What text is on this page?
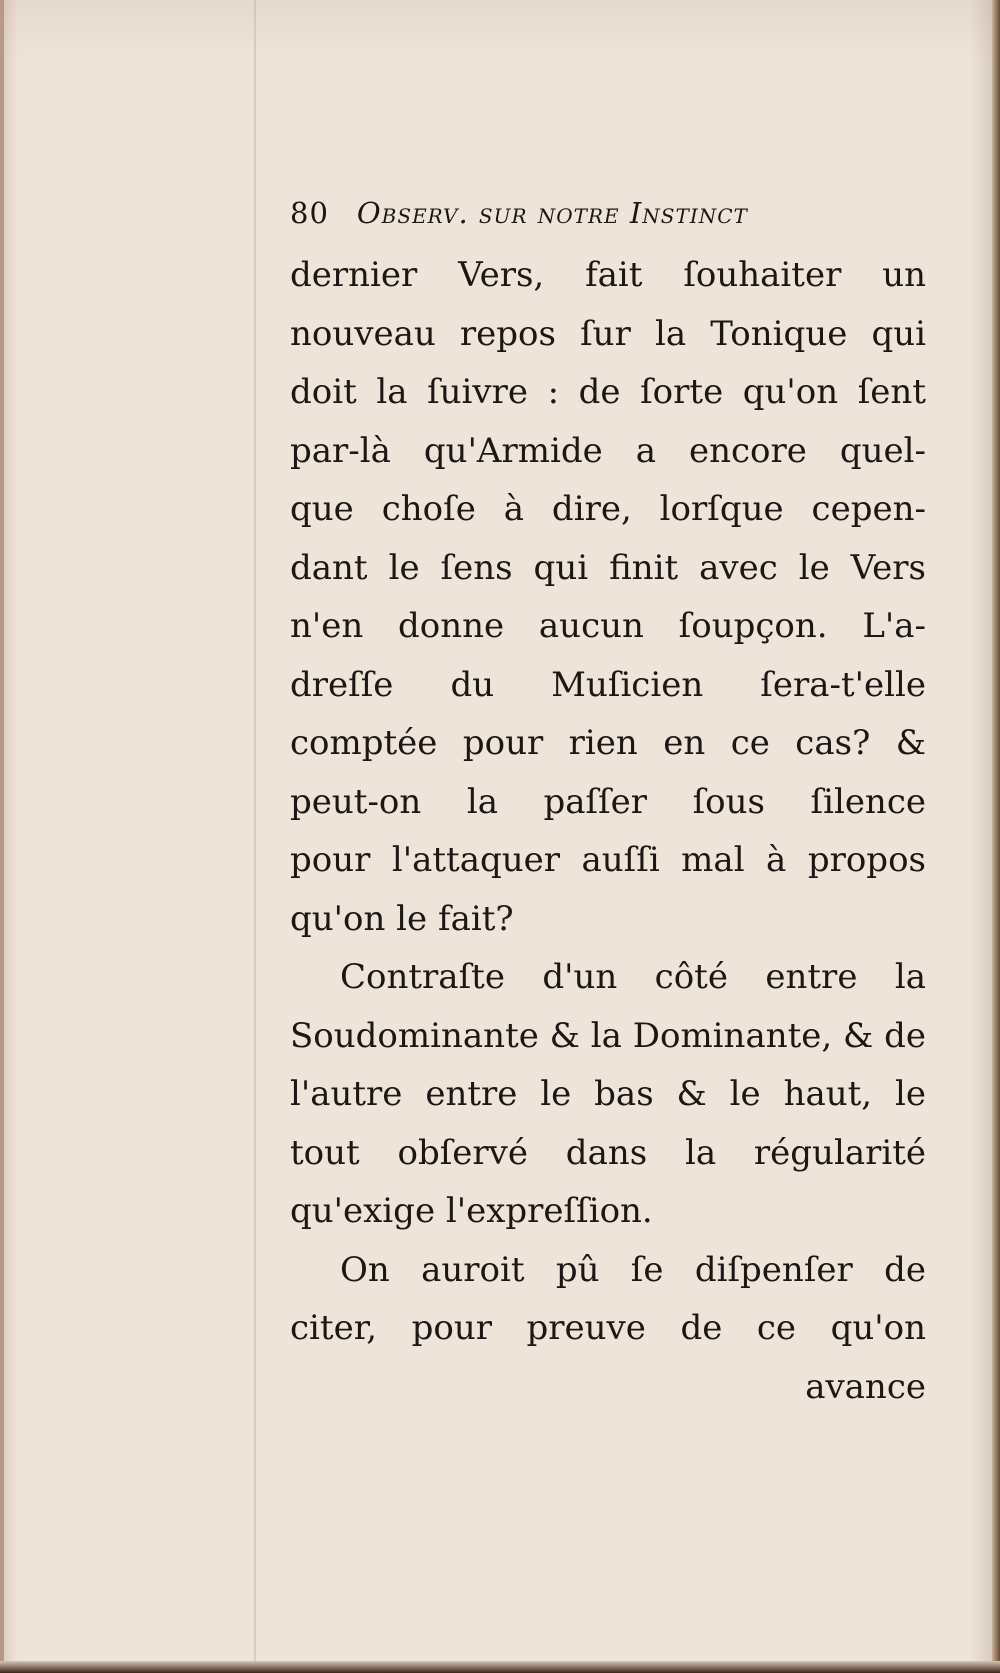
80 Observ. sur notre Instinct
dernier Vers, fait ſouhaiter un
nouveau repos ſur la Tonique qui
doit la ſuivre : de ſorte qu'on ſent
par-là qu'Armide a encore quel-
que choſe à dire, lorſque cepen-
dant le ſens qui finit avec le Vers
n'en donne aucun ſoupçon. L'a-
dreſſe du Muſicien ſera-t'elle
comptée pour rien en ce cas? &
peut-on la paſſer ſous ſilence
pour l'attaquer auſſi mal à propos
qu'on le fait?
Contraſte d'un côté entre la
Soudominante & la Dominante, & de
l'autre entre le bas & le haut, le
tout obſervé dans la régularité
qu'exige l'expreſſion.
On auroit pû ſe diſpenſer de
citer, pour preuve de ce qu'on
avance
